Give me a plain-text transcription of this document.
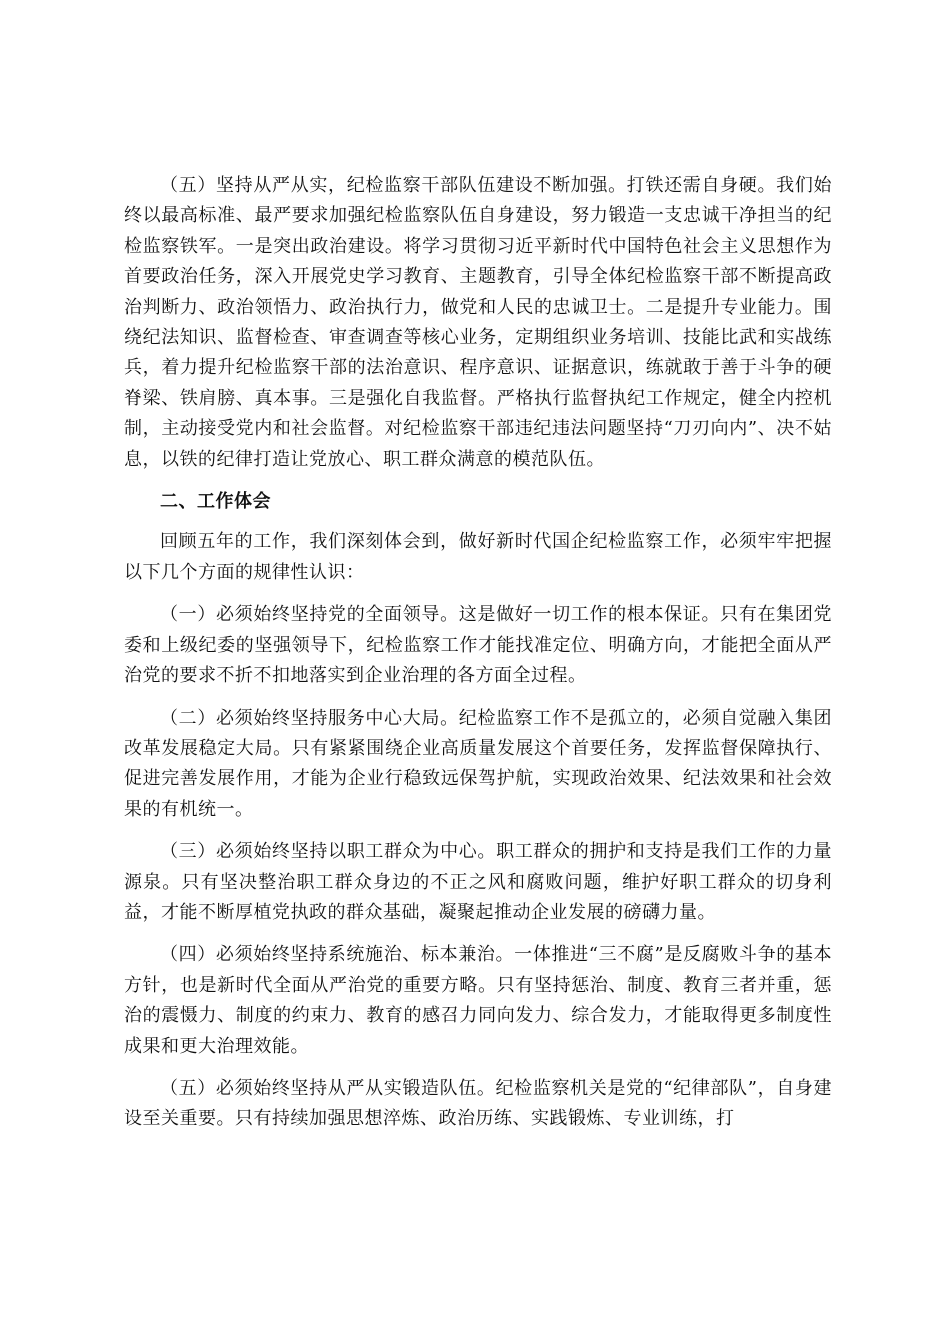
（五）坚持从严从实，纪检监察干部队伍建设不断加强。打铁还需自身硬。我们始终以最高标准、最严要求加强纪检监察队伍自身建设，努力锻造一支忠诚干净担当的纪检监察铁军。一是突出政治建设。将学习贯彻习近平新时代中国特色社会主义思想作为首要政治任务，深入开展党史学习教育、主题教育，引导全体纪检监察干部不断提高政治判断力、政治领悟力、政治执行力，做党和人民的忠诚卫士。二是提升专业能力。围绕纪法知识、监督检查、审查调查等核心业务，定期组织业务培训、技能比武和实战练兵，着力提升纪检监察干部的法治意识、程序意识、证据意识，练就敢于善于斗争的硬脊梁、铁肩膀、真本事。三是强化自我监督。严格执行监督执纪工作规定，健全内控机制，主动接受党内和社会监督。对纪检监察干部违纪违法问题坚持“刀刃向内”、决不姑息，以铁的纪律打造让党放心、职工群众满意的模范队伍。

二、工作体会

回顾五年的工作，我们深刻体会到，做好新时代国企纪检监察工作，必须牢牢把握以下几个方面的规律性认识：

（一）必须始终坚持党的全面领导。这是做好一切工作的根本保证。只有在集团党委和上级纪委的坚强领导下，纪检监察工作才能找准定位、明确方向，才能把全面从严治党的要求不折不扣地落实到企业治理的各方面全过程。

（二）必须始终坚持服务中心大局。纪检监察工作不是孤立的，必须自觉融入集团改革发展稳定大局。只有紧紧围绕企业高质量发展这个首要任务，发挥监督保障执行、促进完善发展作用，才能为企业行稳致远保驾护航，实现政治效果、纪法效果和社会效果的有机统一。

（三）必须始终坚持以职工群众为中心。职工群众的拥护和支持是我们工作的力量源泉。只有坚决整治职工群众身边的不正之风和腐败问题，维护好职工群众的切身利益，才能不断厚植党执政的群众基础，凝聚起推动企业发展的磅礴力量。

（四）必须始终坚持系统施治、标本兼治。一体推进“三不腐”是反腐败斗争的基本方针，也是新时代全面从严治党的重要方略。只有坚持惩治、制度、教育三者并重，惩治的震慑力、制度的约束力、教育的感召力同向发力、综合发力，才能取得更多制度性成果和更大治理效能。

（五）必须始终坚持从严从实锻造队伍。纪检监察机关是党的“纪律部队”，自身建设至关重要。只有持续加强思想淬炼、政治历练、实践锻炼、专业训练，打
